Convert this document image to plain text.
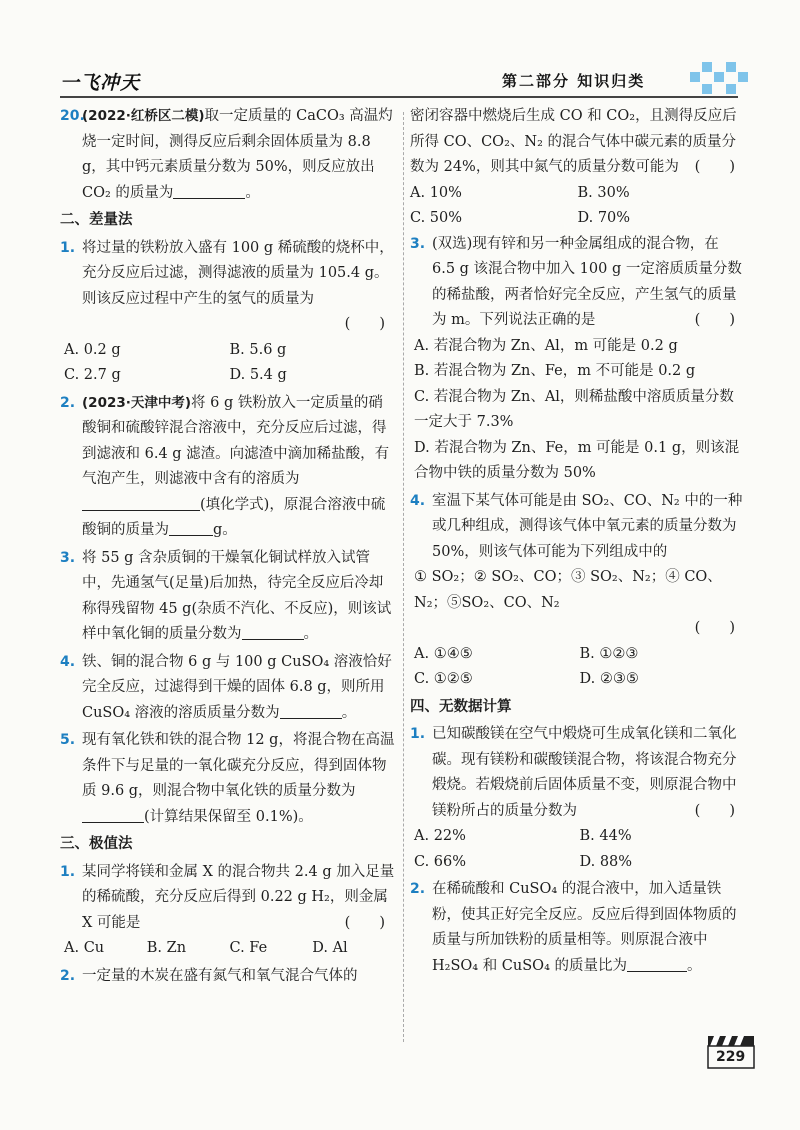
一飞冲天	第二部分 知识归类
20.
(2022·红桥区二模)取一定质量的 CaCO₃ 高温灼烧一定时间，测得反应后剩余固体质量为 8.8 g，其中钙元素质量分数为 50%，则反应放出 CO₂ 的质量为	。
二、差量法
1. 将过量的铁粉放入盛有 100 g 稀硫酸的烧杯中，充分反应后过滤，测得滤液的质量为 105.4 g。则该反应过程中产生的氢气的质量为
(　　)

A. 0.2 g	B. 5.6 g
C. 2.7 g	D. 5.4 g
2. (2023·天津中考)将 6 g 铁粉放入一定质量的硝酸铜和硫酸锌混合溶液中，充分反应后过滤，得到滤液和 6.4 g 滤渣。向滤渣中滴加稀盐酸，有气泡产生，则滤液中含有的溶质为(填化学式)，原混合溶液中硫酸铜的质量为	g。
3. 将 55 g 含杂质铜的干燥氧化铜试样放入试管中，先通氢气(足量)后加热，待完全反应后冷却称得残留物 45 g(杂质不汽化、不反应)，则该试样中氧化铜的质量分数为	。
4. 铁、铜的混合物 6 g 与 100 g CuSO₄ 溶液恰好完全反应，过滤得到干燥的固体 6.8 g，则所用 CuSO₄ 溶液的溶质质量分数为	。
5. 现有氧化铁和铁的混合物 12 g，将混合物在高温条件下与足量的一氧化碳充分反应，得到固体物质 9.6 g，则混合物中氧化铁的质量分数为(计算结果保留至 0.1%)。
三、极值法
1. 某同学将镁和金属 X 的混合物共 2.4 g 加入足量的稀硫酸，充分反应后得到 0.22 g H₂，则金属 X 可能是	(　　)
A. Cu	B. Zn	C. Fe	D. Al
2. 一定量的木炭在盛有氮气和氧气混合气体的
密闭容器中燃烧后生成 CO 和 CO₂，且测得反应后所得 CO、CO₂、N₂ 的混合气体中碳元素的质量分数为 24%，则其中氮气的质量分数可能为 (　　)
A. 10%	B. 30%
C. 50%	D. 70%
3. (双选)现有锌和另一种金属组成的混合物，在 6.5 g 该混合物中加入 100 g 一定溶质质量分数的稀盐酸，两者恰好完全反应，产生氢气的质量为 m。下列说法正确的是	(　　)
A. 若混合物为 Zn、Al，m 可能是 0.2 g
B. 若混合物为 Zn、Fe，m 不可能是 0.2 g
C. 若混合物为 Zn、Al，则稀盐酸中溶质质量分数一定大于 7.3%
D. 若混合物为 Zn、Fe，m 可能是 0.1 g，则该混合物中铁的质量分数为 50%
4. 室温下某气体可能是由 SO₂、CO、N₂ 中的一种或几种组成，测得该气体中氧元素的质量分数为 50%，则该气体可能为下列组成中的
① SO₂；② SO₂、CO；③ SO₂、N₂；④ CO、N₂；⑤SO₂、CO、N₂
(　　)

A. ①④⑤	B. ①②③
C. ①②⑤	D. ②③⑤
四、无数据计算
1. 已知碳酸镁在空气中煅烧可生成氧化镁和二氧化碳。现有镁粉和碳酸镁混合物，将该混合物充分煅烧。若煅烧前后固体质量不变，则原混合物中镁粉所占的质量分数为	(　　)
A. 22%	B. 44%
C. 66%	D. 88%
2. 在稀硫酸和 CuSO₄ 的混合液中，加入适量铁粉，使其正好完全反应。反应后得到固体物质的质量与所加铁粉的质量相等。则原混合液中 H₂SO₄ 和 CuSO₄ 的质量比为	。
229
